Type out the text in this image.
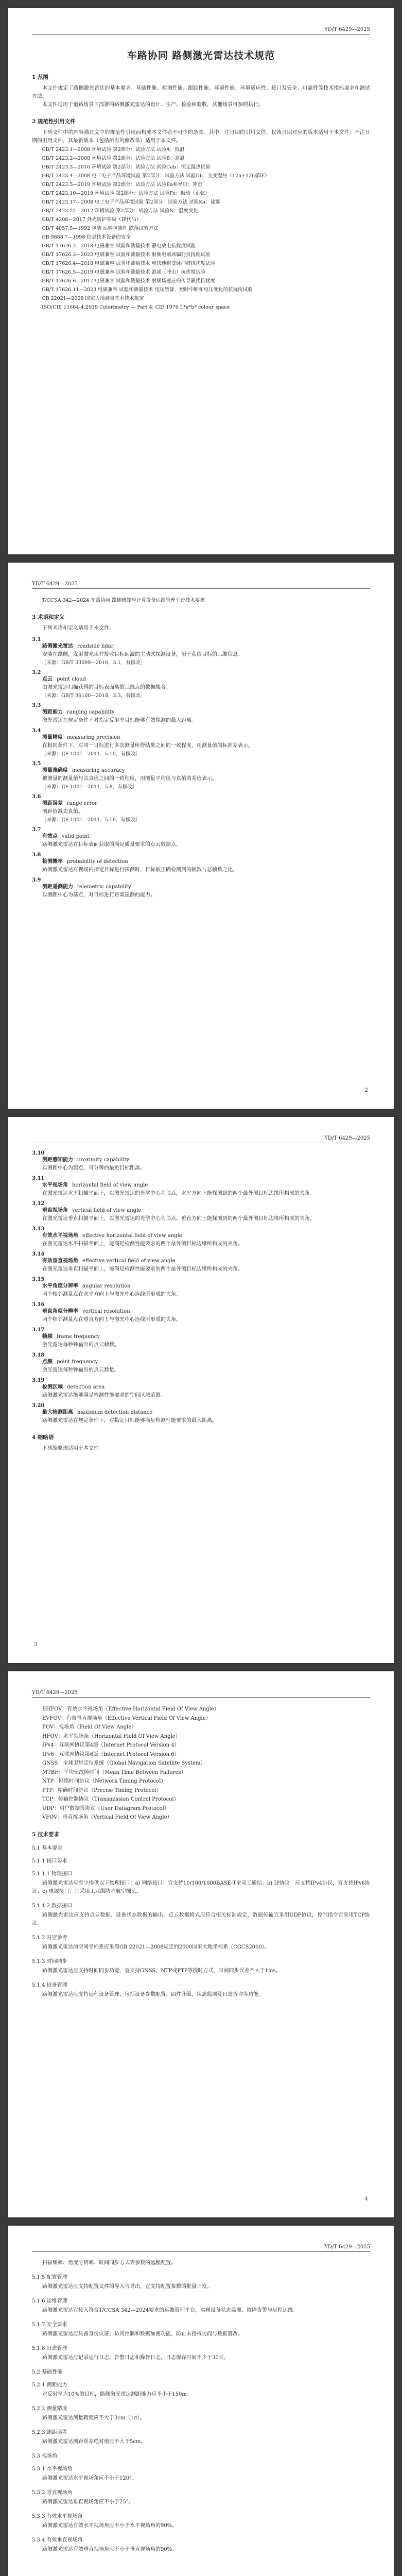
YD/T 6429—2025
车路协同 路侧激光雷达技术规范
1 范围

本文件规定了路侧激光雷达的基本要求、基础性能、检测性能、跟踪性能、环境性能、环境适应性、接口及安全、可靠性等技术指标要求和测试方法。

本文件适用于道路场景下部署的路侧激光雷达的设计、生产、检验和验收，其他场景可参照执行。

2 规范性引用文件

下列文件中的内容通过文中的规范性引用而构成本文件必不可少的条款。其中，注日期的引用文件，仅该日期对应的版本适用于本文件；不注日期的引用文件，其最新版本（包括所有的修改单）适用于本文件。

GB/T 2423.1—2008 环境试验 第2部分：试验方法 试验A：低温

GB/T 2423.2—2008 环境试验 第2部分：试验方法 试验B：高温

GB/T 2423.3—2016 环境试验 第2部分：试验方法 试验Cab：恒定湿热试验

GB/T 2423.4—2008 电工电子产品环境试验 第2部分：试验方法 试验Db：交变湿热（12h+12h循环）

GB/T 2423.5—2019 环境试验 第2部分：试验方法 试验Ea和导则：冲击

GB/T 2423.10—2019 环境试验 第2部分：试验方法 试验Fc：振动（正弦）

GB/T 2423.17—2008 电工电子产品环境试验 第2部分：试验方法 试验Ka：盐雾

GB/T 2423.22—2012 环境试验 第2部分：试验方法 试验N：温度变化

GB/T 4208—2017 外壳防护等级（IP代码）

GB/T 4857.5—1992 包装 运输包装件 跌落试验方法

GB 9888.7—1998 信息技术设备的安全

GB/T 17626.2—2018 电磁兼容 试验和测量技术 静电放电抗扰度试验

GB/T 17626.3—2023 电磁兼容 试验和测量技术 射频电磁场辐射抗扰度试验

GB/T 17626.4—2018 电磁兼容 试验和测量技术 电快速瞬变脉冲群抗扰度试验

GB/T 17626.5—2019 电磁兼容 试验和测量技术 浪涌（冲击）抗扰度试验

GB/T 17626.6—2017 电磁兼容 试验和测量技术 射频场感应的传导骚扰抗扰度

GB/T 17626.11—2023 电磁兼容 试验和测量技术 电压暂降、短时中断和电压变化的抗扰度试验

GB 22021—2008 国家大地测量基本技术规定

ISO/CIE 11664-4:2019 Colorimetry — Part 4: CIE 1976 L*a*b* colour space

YD/T 6429—2025

T/CCSA 342—2024 车路协同 路侧感知与计算设备运维管理平台技术要求

3 术语和定义

下列术语和定义适用于本文件。

3.1
路侧激光雷达 roadside lidar

安装在路侧，发射激光束并接收目标回波的主动式探测设备，用于获取目标的三维信息。

［来源：GB/T 33099—2016，3.1，有修改］

3.2
点云 point cloud

由激光雷达扫描获得的目标表面离散三维点的数据集合。

［来源：GB/T 36100—2018，3.3，有修改］

3.3
测距能力 ranging capability

激光雷达在规定条件下对指定反射率目标能够有效探测的最大距离。

3.4
测量精度 measuring precision

在相同条件下，对同一目标进行多次测量所得结果之间的一致程度，用测量值的标准差表示。

［来源：JJF 1001—2011，5.10，有修改］

3.5
测量准确度 measuring accuracy

被测量的测量值与其真值之间的一致程度，用测量平均值与真值的差值表示。

［来源：JJF 1001—2011，5.8，有修改］

3.6
测距误差 range error

测距值减去真值。

［来源：JJF 1001—2011，5.16，有修改］

3.7
有效点 valid point

路侧激光雷达在目标表面获取的满足质量要求的点云数据点。

3.8
检测概率 probability of detection

路侧激光雷达对视场内指定目标进行探测时，目标被正确检测到的帧数与总帧数之比。

3.9
测距遥测能力 telemetric capability

以测距中心为基点，对目标进行距离遥测的能力。

2
YD/T 6429—2025
3.10
测距感知能力 proximity capability

以测距中心为起点，可分辨的最近目标距离。

3.11
水平视场角 horizontal field of view angle

在激光雷达水平扫描平面上，以激光雷达的光学中心为顶点，水平方向上能探测到的两个最外侧目标边缘所构成的夹角。

3.12
垂直视场角 vertical field of view angle

在激光雷达垂直扫描平面上，以激光雷达的光学中心为顶点，垂直方向上能探测到的两个最外侧目标边缘所构成的夹角。

3.13
有效水平视场角 effective horizontal field of view angle

在激光雷达水平扫描平面上，能满足检测性能要求的两个最外侧目标边缘所构成的夹角。

3.14
有效垂直视场角 effective vertical field of view angle

在激光雷达垂直扫描平面上，能满足检测性能要求的两个最外侧目标边缘所构成的夹角。

3.15
水平角度分辨率 angular resolution

两个相邻测量点在水平方向上与激光中心连线所形成的夹角。

3.16
垂直角度分辨率 vertical resolution

两个相邻测量点在垂直方向上与激光中心连线所形成的夹角。

3.17
帧频 frame frequency

激光雷达每秒钟输出的点云帧数。

3.18
点频 point frequency

激光雷达每秒钟输出的点云数量。

3.19
检测区域 detection area

路侧激光雷达能够满足检测性能要求的空间区域范围。

3.20
最大检测距离 maximum detection distance

路侧激光雷达在规定条件下，对指定目标能够满足检测性能要求的最大距离。

4 缩略语

下列缩略语适用于本文件。

3
YD/T 6429—2025

EHFOV：有效水平视场角（Effective Horizontal Field Of View Angle）

EVFOV：有效垂直视场角（Effective Vertical Field Of View Angle）

FOV：视场角（Field Of View Angle）

HFOV：水平视场角（Horizontal Field Of View Angle）

IPv4：互联网协议第4版（Internet Protocol Version 4）

IPv6：互联网协议第6版（Internet Protocol Version 6）

GNSS：全球卫星定位系统（Global Navigation Satellite System）

MTBF：平均无故障时间（Mean Time Between Failures）

NTP：网络时间协议（Network Timing Protocol）

PTP：精确时间协议（Precise Timing Protocol）

TCP：传输控制协议（Transmission Control Protocol）

UDP：用户数据报协议（User Datagram Protocol）

VFOV：垂直视场角（Vertical Field Of View Angle）

5 技术要求
5.1 基本要求
5.1.1 接口要求
5.1.1.1 物理接口

路侧激光雷达应至少提供以下物理接口：a) 网络接口：宜支持10/100/1000BASE-T全双工通信；b) IP协议：应支持IPv4协议，宜支持IPv6协议；c) 电源接口：宜采用工业级防水航空插头。

5.1.1.2 数据接口

路侧激光雷达应支持点云数据、设备状态数据的输出，点云数据格式应符合相关标准规定，数据传输宜采用UDP协议，控制指令宜采用TCP协议。

5.1.2 时空参考

路侧激光雷达的空间坐标系应采用GB 22021—2008规定的2000国家大地坐标系（CGCS2000）。

5.1.3 时间同步

路侧激光雷达应支持时间同步功能，宜支持GNSS、NTP或PTP等授时方式，时间同步误差不大于1ms。

5.1.4 设备管理

路侧激光雷达应支持远程设备管理，包括设备参数配置、固件升级、状态监测及日志查询等功能。

4
YD/T 6429—2025

扫描频率、角度分辨率、时间同步方式等参数的远程配置。

5.1.5 配置管理

路侧激光雷达应支持配置文件的导入与导出，宜支持配置参数的批量下发。

5.1.6 运维管理

路侧激光雷达宜接入符合T/CCSA 342—2024要求的运维管理平台，实现设备状态监测、故障告警与远程运维。

5.1.7 安全要求

路侧激光雷达应具备身份认证、访问控制和数据加密功能，防止未授权访问与数据篡改。

5.1.8 日志管理

路侧激光雷达应记录运行日志、告警日志和操作日志，日志保存时间不少于30天。

5.2 基础性能
5.2.1 测距能力

对反射率为10%的目标，路侧激光雷达测距能力应不小于150m。

5.2.2 测量精度

路侧激光雷达测量精度应不大于3cm（1σ）。

5.2.3 测距误差

路侧激光雷达测距误差绝对值应不大于5cm。

5.3 视场角
5.3.1 水平视场角

路侧激光雷达水平视场角应不小于120°。

5.3.2 垂直视场角

路侧激光雷达垂直视场角应不小于25°。

5.3.3 有效水平视场角

路侧激光雷达有效水平视场角应不小于水平视场角的90%。

5.3.4 有效垂直视场角

路侧激光雷达有效垂直视场角应不小于垂直视场角的90%。
